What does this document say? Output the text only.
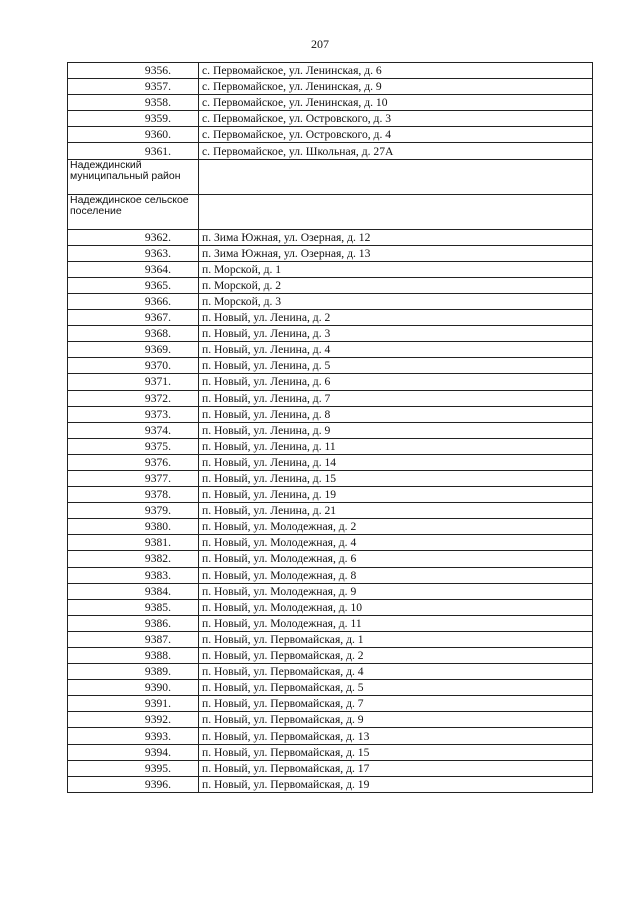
207
9356.	с. Первомайское, ул. Ленинская, д. 6
9357.	с. Первомайское, ул. Ленинская, д. 9
9358.	с. Первомайское, ул. Ленинская, д. 10
9359.	с. Первомайское, ул. Островского, д. 3
9360.	с. Первомайское, ул. Островского, д. 4
9361.	с. Первомайское, ул. Школьная, д. 27А
Надеждинский муниципальный район	
Надеждинское сельское поселение	
9362.	п. Зима Южная, ул. Озерная, д. 12
9363.	п. Зима Южная, ул. Озерная, д. 13
9364.	п. Морской, д. 1
9365.	п. Морской, д. 2
9366.	п. Морской, д. 3
9367.	п. Новый, ул. Ленина, д. 2
9368.	п. Новый, ул. Ленина, д. 3
9369.	п. Новый, ул. Ленина, д. 4
9370.	п. Новый, ул. Ленина, д. 5
9371.	п. Новый, ул. Ленина, д. 6
9372.	п. Новый, ул. Ленина, д. 7
9373.	п. Новый, ул. Ленина, д. 8
9374.	п. Новый, ул. Ленина, д. 9
9375.	п. Новый, ул. Ленина, д. 11
9376.	п. Новый, ул. Ленина, д. 14
9377.	п. Новый, ул. Ленина, д. 15
9378.	п. Новый, ул. Ленина, д. 19
9379.	п. Новый, ул. Ленина, д. 21
9380.	п. Новый, ул. Молодежная, д. 2
9381.	п. Новый, ул. Молодежная, д. 4
9382.	п. Новый, ул. Молодежная, д. 6
9383.	п. Новый, ул. Молодежная, д. 8
9384.	п. Новый, ул. Молодежная, д. 9
9385.	п. Новый, ул. Молодежная, д. 10
9386.	п. Новый, ул. Молодежная, д. 11
9387.	п. Новый, ул. Первомайская, д. 1
9388.	п. Новый, ул. Первомайская, д. 2
9389.	п. Новый, ул. Первомайская, д. 4
9390.	п. Новый, ул. Первомайская, д. 5
9391.	п. Новый, ул. Первомайская, д. 7
9392.	п. Новый, ул. Первомайская, д. 9
9393.	п. Новый, ул. Первомайская, д. 13
9394.	п. Новый, ул. Первомайская, д. 15
9395.	п. Новый, ул. Первомайская, д. 17
9396.	п. Новый, ул. Первомайская, д. 19
